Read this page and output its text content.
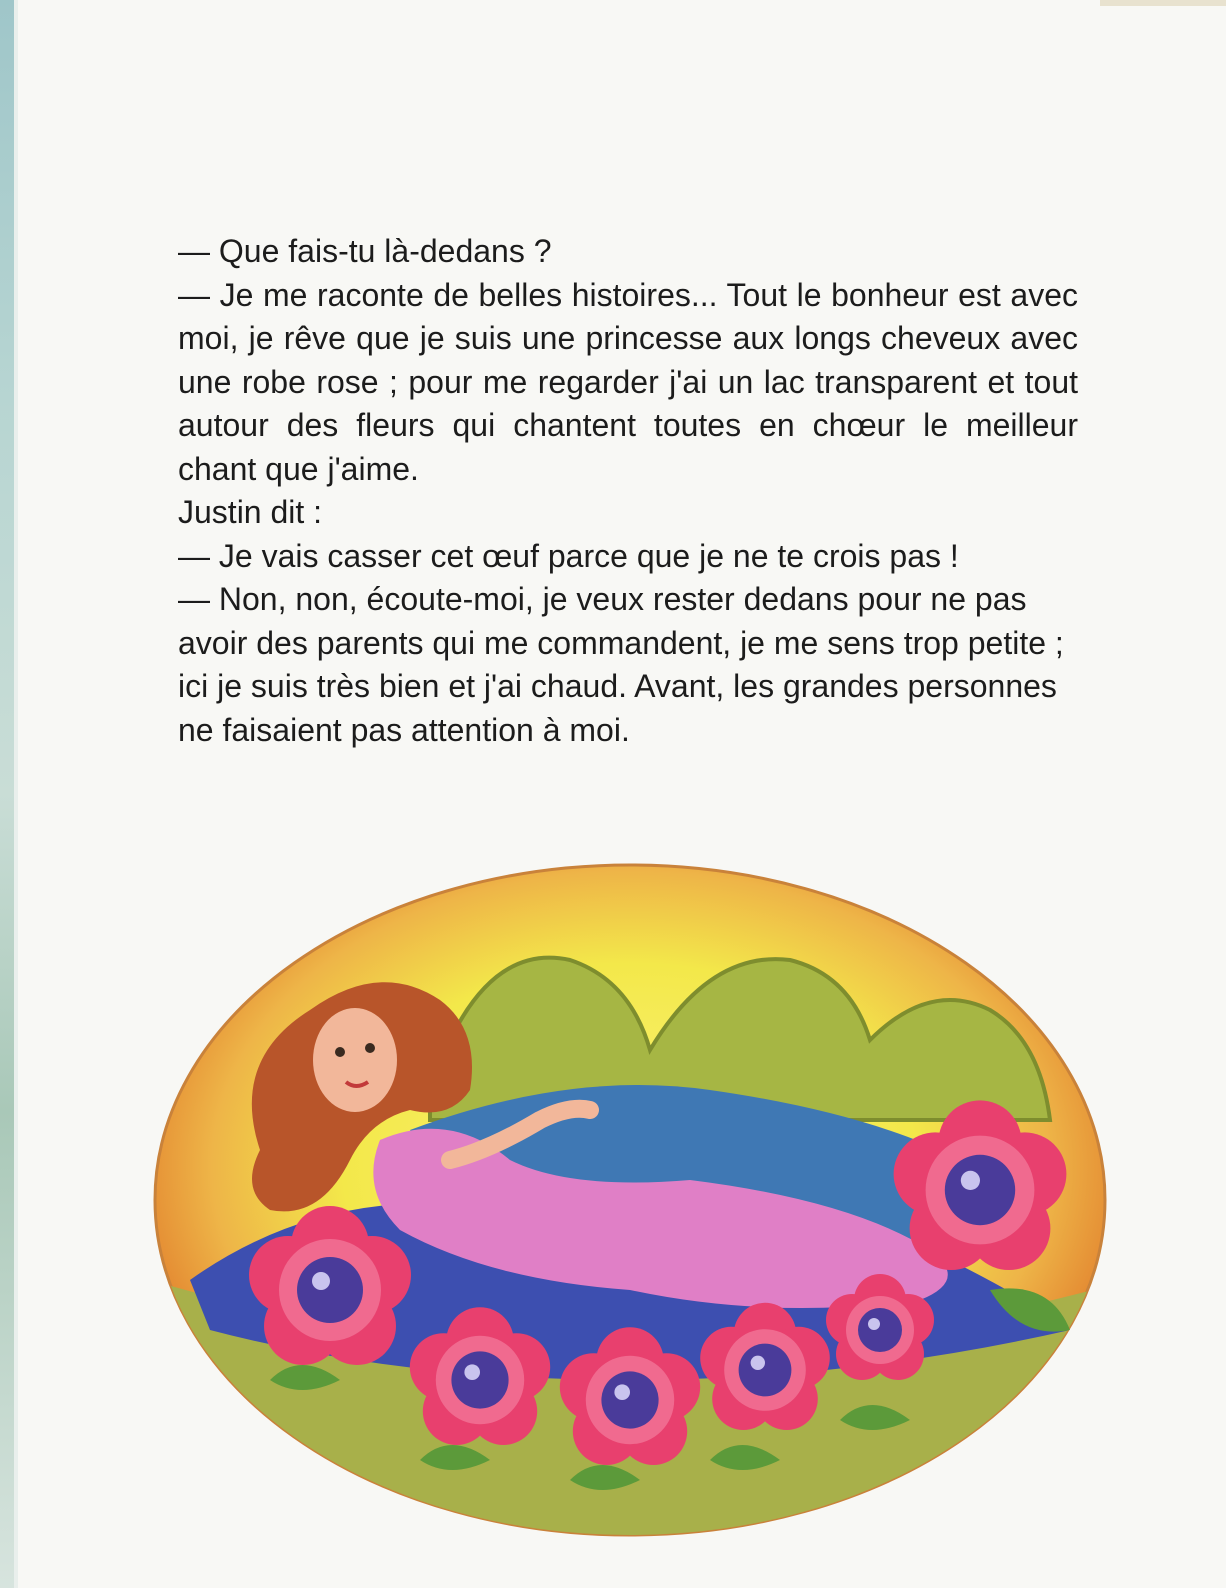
— Que fais-tu là-dedans ?

— Je me raconte de belles histoires... Tout le bonheur est avec moi, je rêve que je suis une princesse aux longs cheveux avec une robe rose ; pour me regarder j'ai un lac transparent et tout autour des fleurs qui chantent toutes en chœur le meilleur chant que j'aime.

Justin dit :

— Je vais casser cet œuf parce que je ne te crois pas !

— Non, non, écoute-moi, je veux rester dedans pour ne pas avoir des parents qui me commandent, je me sens trop petite ; ici je suis très bien et j'ai chaud. Avant, les grandes personnes ne faisaient pas attention à moi.
